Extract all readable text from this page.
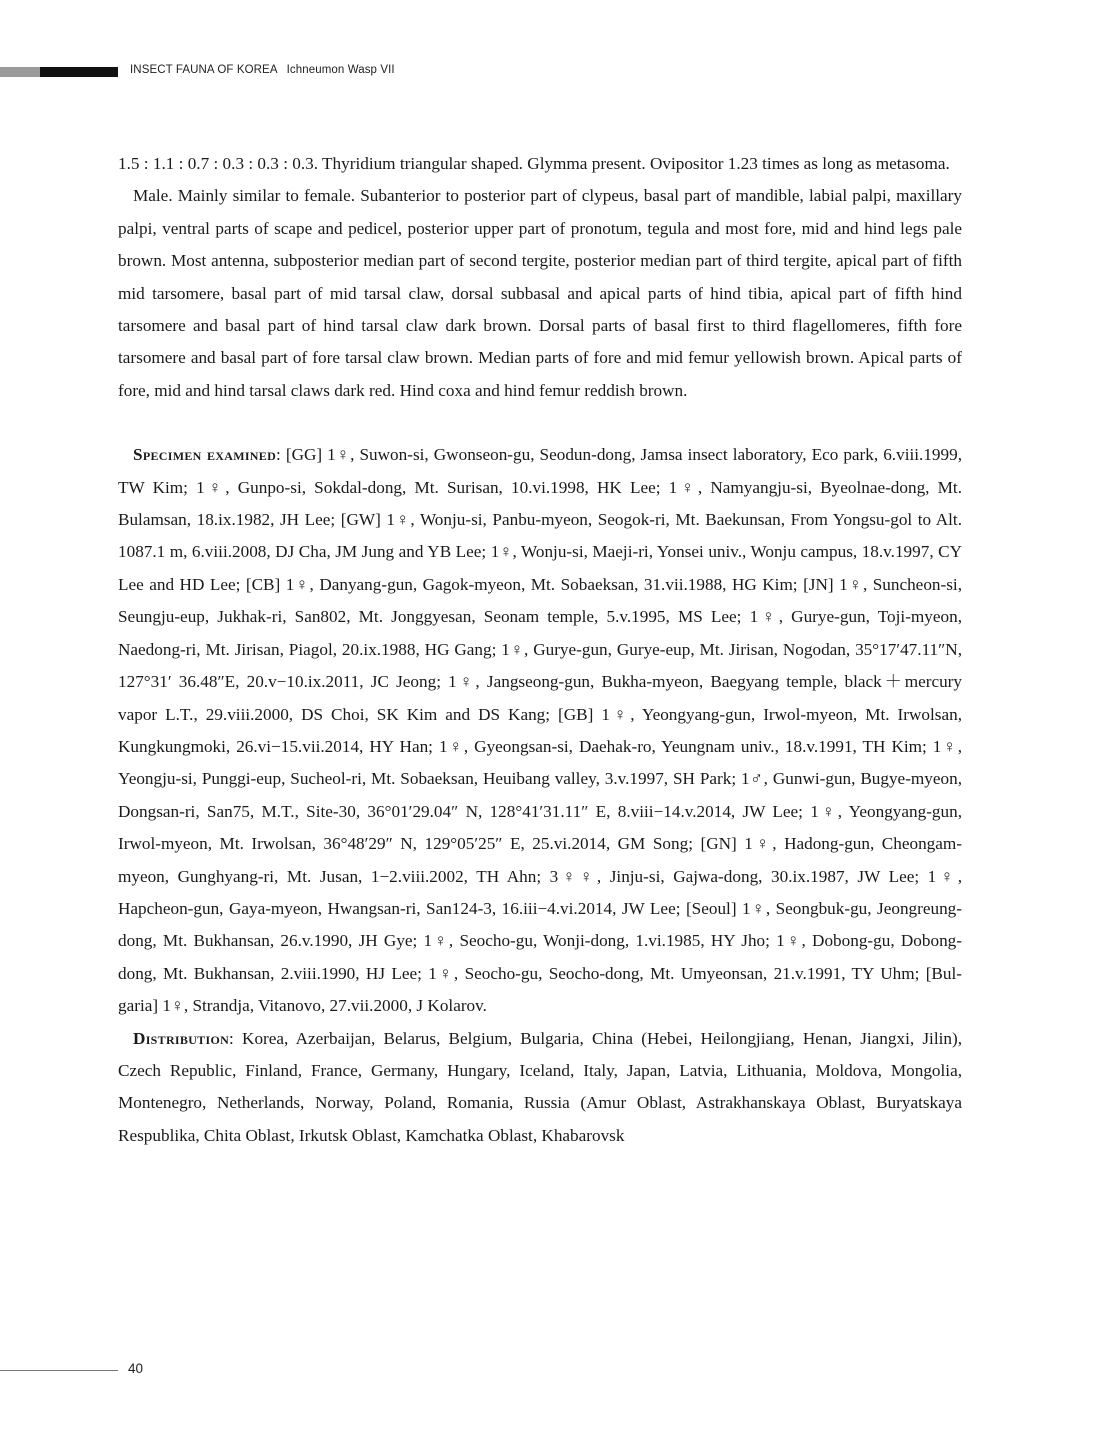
INSECT FAUNA OF KOREA Ichneumon Wasp VII

1.5 : 1.1 : 0.7 : 0.3 : 0.3 : 0.3. Thyridium triangular shaped. Glymma present. Ovipositor 1.23 times as long as metasoma.

Male. Mainly similar to female. Subanterior to posterior part of clypeus, basal part of mandible, labial palpi, maxillary palpi, ventral parts of scape and pedicel, posterior upper part of pronotum, tegula and most fore, mid and hind legs pale brown. Most antenna, subposterior median part of second tergite, posterior median part of third tergite, apical part of fifth mid tarsomere, basal part of mid tarsal claw, dorsal subbasal and apical parts of hind tibia, apical part of fifth hind tarsomere and basal part of hind tarsal claw dark brown. Dorsal parts of basal first to third flagellomeres, fifth fore tarsomere and basal part of fore tarsal claw brown. Median parts of fore and mid femur yellowish brown. Apical parts of fore, mid and hind tarsal claws dark red. Hind coxa and hind femur reddish brown.

Specimen examined: [GG] 1♀, Suwon-si, Gwonseon-gu, Seodun-dong, Jamsa insect laboratory, Eco park, 6.viii.1999, TW Kim; 1♀, Gunpo-si, Sokdal-dong, Mt. Surisan, 10.vi.1998, HK Lee; 1♀, Namyangju-si, Byeolnae-dong, Mt. Bulamsan, 18.ix.1982, JH Lee; [GW] 1♀, Wonju-si, Panbu-myeon, Seogok-ri, Mt. Baekunsan, From Yongsu-gol to Alt. 1087.1 m, 6.viii.2008, DJ Cha, JM Jung and YB Lee; 1♀, Wonju-si, Maeji-ri, Yonsei univ., Wonju campus, 18.v.1997, CY Lee and HD Lee; [CB] 1♀, Danyang-gun, Gagok-myeon, Mt. Sobaeksan, 31.vii.1988, HG Kim; [JN] 1♀, Suncheon-si, Seungju-eup, Jukhak-ri, San802, Mt. Jonggyesan, Seonam temple, 5.v.1995, MS Lee; 1♀, Gurye-gun, Toji-myeon, Naedong-ri, Mt. Jirisan, Piagol, 20.ix.1988, HG Gang; 1♀, Gurye-gun, Gurye-eup, Mt. Jirisan, Nogodan, 35°17′47.11″N, 127°31′ 36.48″E, 20.v−10.ix.2011, JC Jeong; 1♀, Jangseong-gun, Bukha-myeon, Baegyang temple, black＋mercury vapor L.T., 29.viii.2000, DS Choi, SK Kim and DS Kang; [GB] 1♀, Yeongyang-gun, Irwol-myeon, Mt. Irwolsan, Kungkungmoki, 26.vi−15.vii.2014, HY Han; 1♀, Gyeongsan-si, Daehak-ro, Yeungnam univ., 18.v.1991, TH Kim; 1♀, Yeongju-si, Punggi-eup, Sucheol-ri, Mt. Sobaeksan, Heuibang valley, 3.v.1997, SH Park; 1♂, Gunwi-gun, Bugye-myeon, Dongsan-ri, San75, M.T., Site-30, 36°01′29.04″ N, 128°41′31.11″ E, 8.viii−14.v.2014, JW Lee; 1♀, Yeongyang-gun, Irwol-myeon, Mt. Irwolsan, 36°48′29″ N, 129°05′25″ E, 25.vi.2014, GM Song; [GN] 1♀, Hadong-gun, Cheongam-myeon, Gunghyang-ri, Mt. Jusan, 1−2.viii.2002, TH Ahn; 3♀♀, Jinju-si, Gajwa-dong, 30.ix.1987, JW Lee; 1♀, Hapcheon-gun, Gaya-myeon, Hwangsan-ri, San124-3, 16.iii−4.vi.2014, JW Lee; [Seoul] 1♀, Seongbuk-gu, Jeongreung-dong, Mt. Bukhansan, 26.v.1990, JH Gye; 1♀, Seocho-gu, Wonji-dong, 1.vi.1985, HY Jho; 1♀, Dobong-gu, Dobong-dong, Mt. Bukhansan, 2.viii.1990, HJ Lee; 1♀, Seocho-gu, Seocho-dong, Mt. Umyeonsan, 21.v.1991, TY Uhm; [Bulgaria] 1♀, Strandja, Vitanovo, 27.vii.2000, J Kolarov.

Distribution: Korea, Azerbaijan, Belarus, Belgium, Bulgaria, China (Hebei, Heilongjiang, Henan, Jiangxi, Jilin), Czech Republic, Finland, France, Germany, Hungary, Iceland, Italy, Japan, Latvia, Lithuania, Moldova, Mongolia, Montenegro, Netherlands, Norway, Poland, Romania, Russia (Amur Oblast, Astrakhanskaya Oblast, Buryatskaya Respublika, Chita Oblast, Irkutsk Oblast, Kamchatka Oblast, Khabarovsk

40
